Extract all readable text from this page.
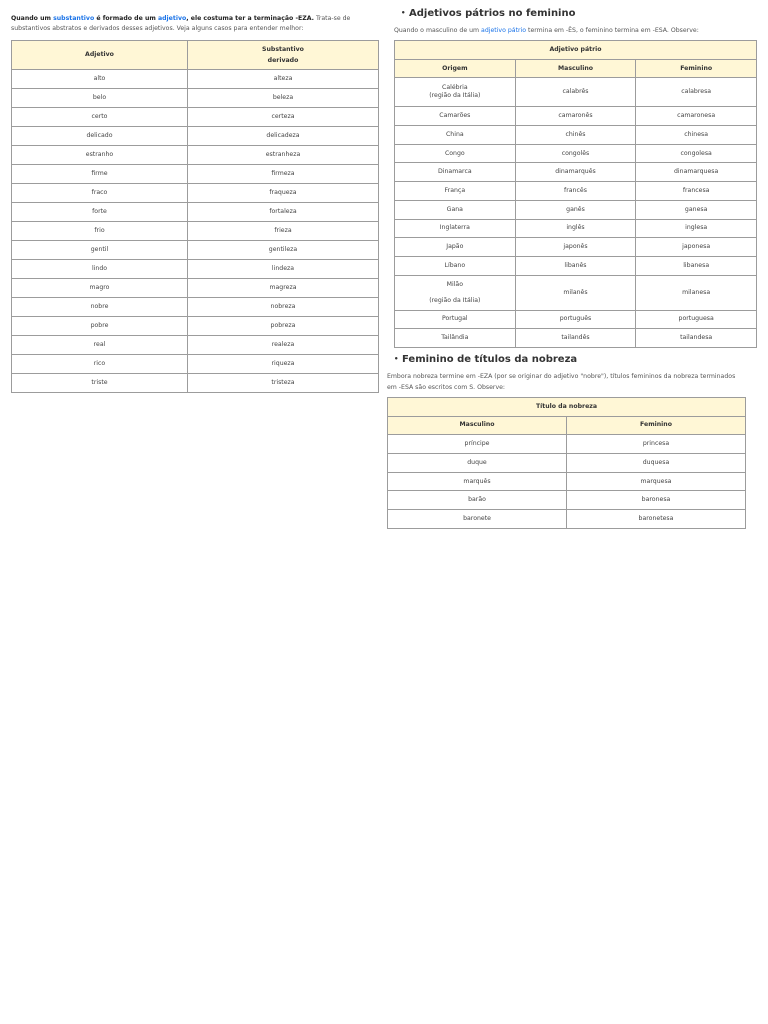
Quando um substantivo é formado de um adjetivo, ele costuma ter a terminação -EZA. Trata-se de substantivos abstratos e derivados desses adjetivos. Veja alguns casos para entender melhor:

Adjetivo	Substantivo
derivado
alto	alteza
belo	beleza
certo	certeza
delicado	delicadeza
estranho	estranheza
firme	firmeza
fraco	fraqueza
forte	fortaleza
frio	frieza
gentil	gentileza
lindo	lindeza
magro	magreza
nobre	nobreza
pobre	pobreza
real	realeza
rico	riqueza
triste	tristeza
• Adjetivos pátrios no feminino

Quando o masculino de um adjetivo pátrio termina em -ÊS, o feminino termina em -ESA. Observe:

Adjetivo pátrio		
Origem	Masculino	Feminino
Calébria
(região da Itália)	calabrês	calabresa
Camarões	camaronês	camaronesa
China	chinês	chinesa
Congo	congolês	congolesa
Dinamarca	dinamarquês	dinamarquesa
França	francês	francesa
Gana	ganês	ganesa
Inglaterra	inglês	inglesa
Japão	japonês	japonesa
Líbano	libanês	libanesa
Milão

(região da Itália)	milanês	milanesa
Portugal	português	portuguesa
Tailândia	tailandês	tailandesa
• Feminino de títulos da nobreza

Embora nobreza termine em -EZA (por se originar do adjetivo "nobre"), títulos femininos da nobreza terminados em -ESA são escritos com S. Observe:

Título da nobreza	
Masculino	Feminino
príncipe	princesa
duque	duquesa
marquês	marquesa
barão	baronesa
baronete	baronetesa
